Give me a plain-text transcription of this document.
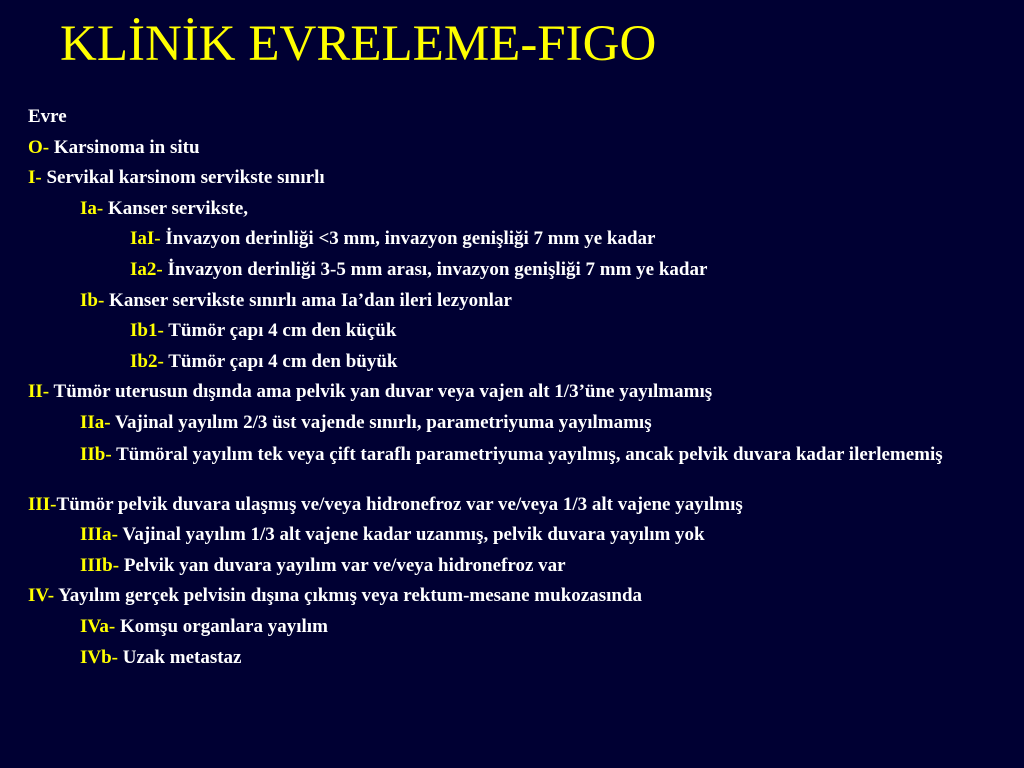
KLİNİK EVRELEME-FIGO
Evre
O- Karsinoma in situ
I- Servikal karsinom servikste sınırlı
Ia- Kanser servikste,
IaI- İnvazyon derinliği <3 mm, invazyon genişliği 7 mm ye kadar
Ia2- İnvazyon derinliği 3-5 mm arası, invazyon genişliği 7 mm ye kadar
Ib- Kanser servikste sınırlı ama Ia’dan ileri lezyonlar
Ib1- Tümör çapı 4 cm den küçük
Ib2- Tümör çapı 4 cm den büyük
II- Tümör uterusun dışında ama pelvik yan duvar veya vajen alt 1/3’üne yayılmamış
IIa- Vajinal yayılım 2/3 üst vajende sınırlı, parametriyuma yayılmamış
IIb- Tümöral yayılım tek veya çift taraflı parametriyuma yayılmış, ancak pelvik duvara kadar ilerlememiş
III-Tümör pelvik duvara ulaşmış ve/veya hidronefroz var ve/veya 1/3 alt vajene yayılmış
IIIa- Vajinal yayılım 1/3 alt vajene kadar uzanmış, pelvik duvara yayılım yok
IIIb- Pelvik yan duvara yayılım var ve/veya hidronefroz var
IV- Yayılım gerçek pelvisin dışına çıkmış veya rektum-mesane mukozasında
IVa- Komşu organlara yayılım
IVb- Uzak metastaz
